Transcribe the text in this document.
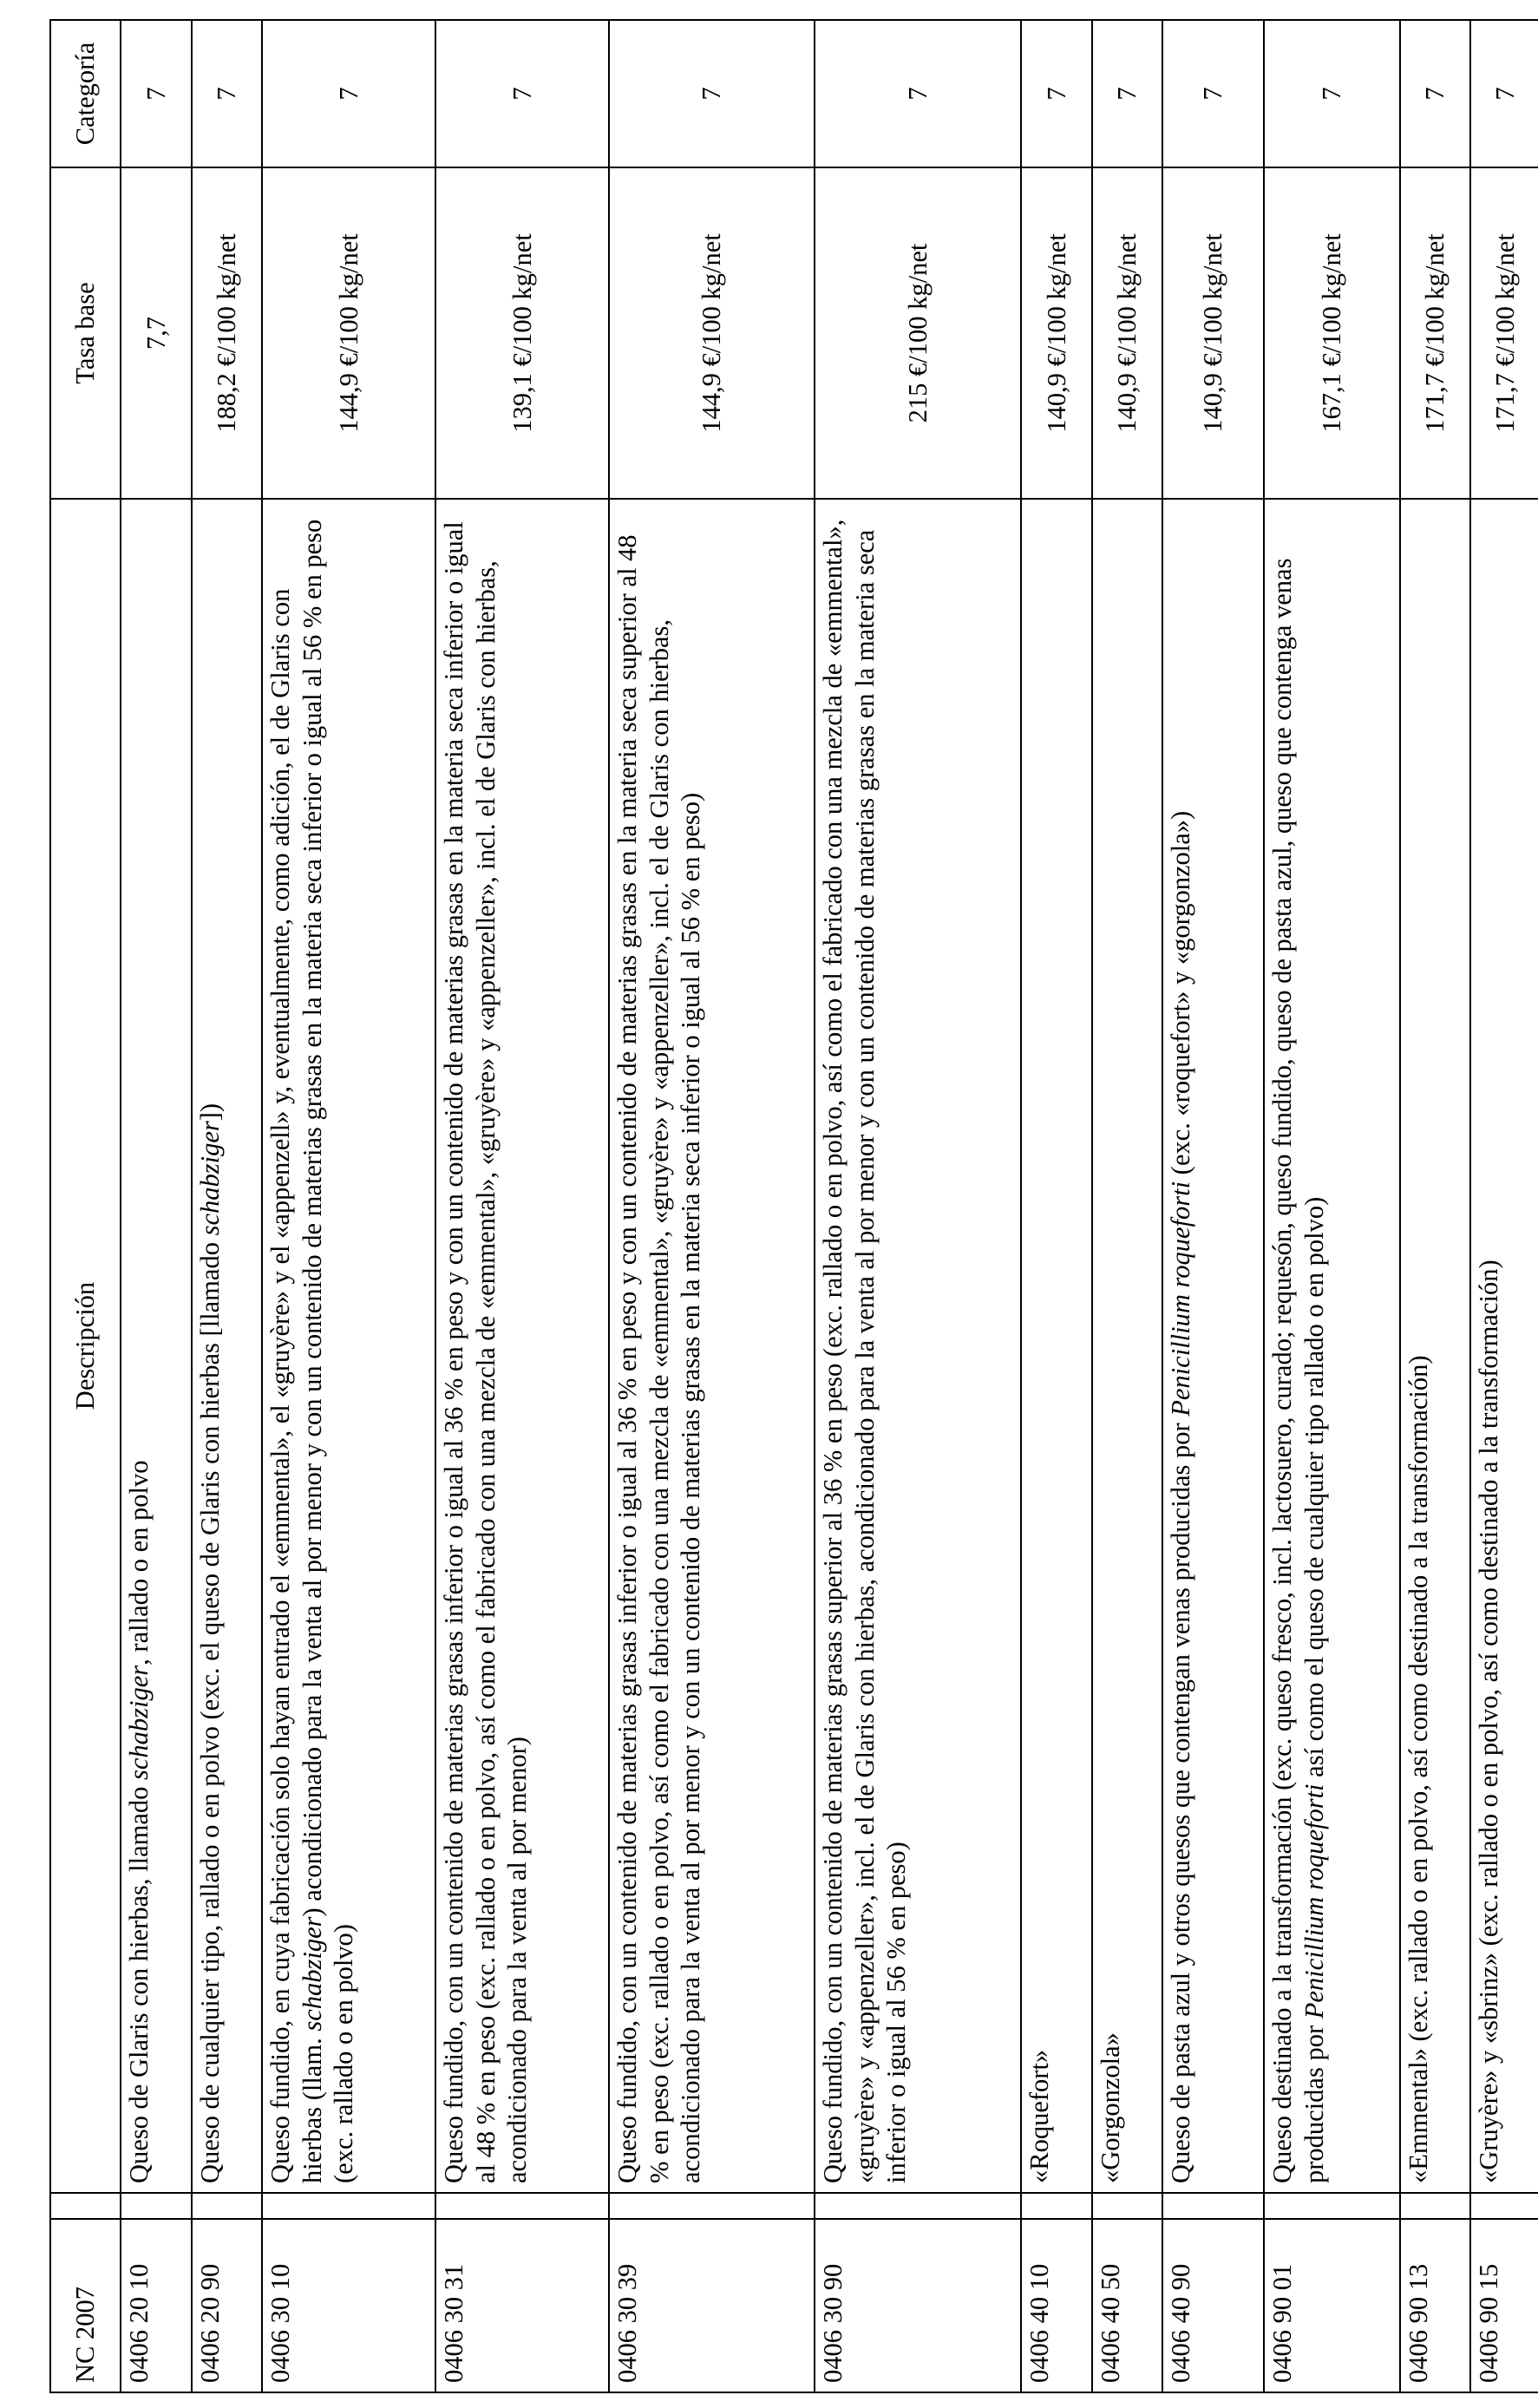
NC 2007		Descripción	Tasa base	Categoría
0406 20 10		Queso de Glaris con hierbas, llamado schabziger, rallado o en polvo	7,7	7
0406 20 90		Queso de cualquier tipo, rallado o en polvo (exc. el queso de Glaris con hierbas [llamado schabziger])	188,2 €/100 kg/net	7
0406 30 10		Queso fundido, en cuya fabricación solo hayan entrado el «emmental», el «gruyère» y el «appenzell» y, eventualmente, como adición, el de Glaris con hierbas (llam. schabziger) acondicionado para la venta al por menor y con un contenido de materias grasas en la materia seca inferior o igual al 56 % en peso (exc. rallado o en polvo)	144,9 €/100 kg/net	7
0406 30 31		Queso fundido, con un contenido de materias grasas inferior o igual al 36 % en peso y con un contenido de materias grasas en la materia seca inferior o igual al 48 % en peso (exc. rallado o en polvo, así como el fabricado con una mezcla de «emmental», «gruyère» y «appenzeller», incl. el de Glaris con hierbas, acondicionado para la venta al por menor)	139,1 €/100 kg/net	7
0406 30 39		Queso fundido, con un contenido de materias grasas inferior o igual al 36 % en peso y con un contenido de materias grasas en la materia seca superior al 48 % en peso (exc. rallado o en polvo, así como el fabricado con una mezcla de «emmental», «gruyère» y «appenzeller», incl. el de Glaris con hierbas, acondicionado para la venta al por menor y con un contenido de materias grasas en la materia seca inferior o igual al 56 % en peso)	144,9 €/100 kg/net	7
0406 30 90		Queso fundido, con un contenido de materias grasas superior al 36 % en peso (exc. rallado o en polvo, así como el fabricado con una mezcla de «emmental», «gruyère» y «appenzeller», incl. el de Glaris con hierbas, acondicionado para la venta al por menor y con un contenido de materias grasas en la materia seca inferior o igual al 56 % en peso)	215 €/100 kg/net	7
0406 40 10		«Roquefort»	140,9 €/100 kg/net	7
0406 40 50		«Gorgonzola»	140,9 €/100 kg/net	7
0406 40 90		Queso de pasta azul y otros quesos que contengan venas producidas por Penicillium roqueforti (exc. «roquefort» y «gorgonzola»)	140,9 €/100 kg/net	7
0406 90 01		Queso destinado a la transformación (exc. queso fresco, incl. lactosuero, curado; requesón, queso fundido, queso de pasta azul, queso que contenga venas producidas por Penicillium roqueforti así como el queso de cualquier tipo rallado o en polvo)	167,1 €/100 kg/net	7
0406 90 13		«Emmental» (exc. rallado o en polvo, así como destinado a la transformación)	171,7 €/100 kg/net	7
0406 90 15		«Gruyère» y «sbrinz» (exc. rallado o en polvo, así como destinado a la transformación)	171,7 €/100 kg/net	7
